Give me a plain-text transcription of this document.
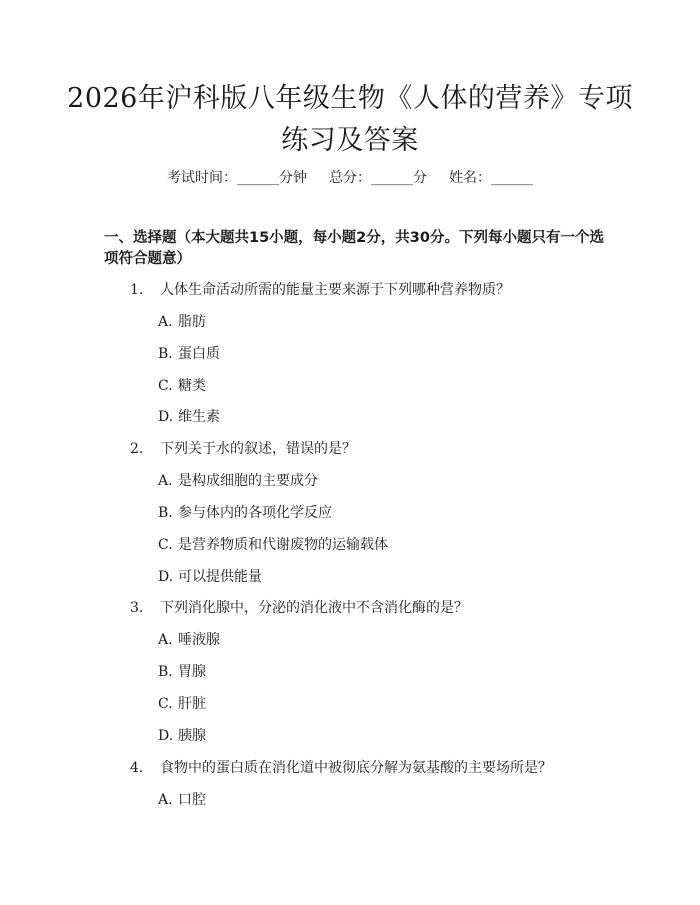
2026年沪科版八年级生物《人体的营养》专项练习及答案
考试时间：______分钟 总分：______分 姓名：______
一、选择题（本大题共15小题，每小题2分，共30分。下列每小题只有一个选项符合题意）
1. 人体生命活动所需的能量主要来源于下列哪种营养物质？
A. 脂肪
B. 蛋白质
C. 糖类
D. 维生素
2. 下列关于水的叙述，错误的是？
A. 是构成细胞的主要成分
B. 参与体内的各项化学反应
C. 是营养物质和代谢废物的运输载体
D. 可以提供能量
3. 下列消化腺中，分泌的消化液中不含消化酶的是？
A. 唾液腺
B. 胃腺
C. 肝脏
D. 胰腺
4. 食物中的蛋白质在消化道中被彻底分解为氨基酸的主要场所是？
A. 口腔
